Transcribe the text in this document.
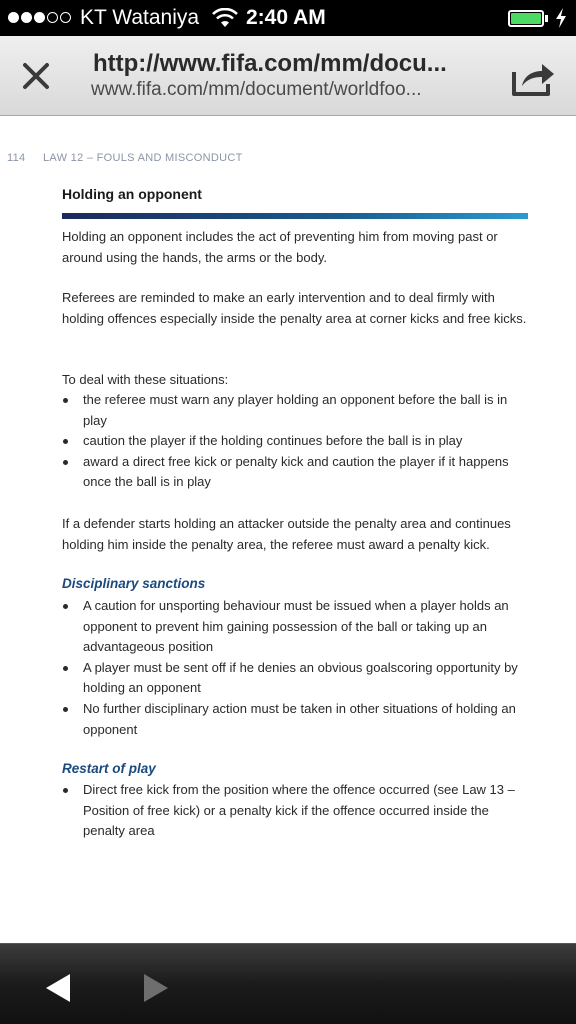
KT Wataniya 2:40 AM
http://www.fifa.com/mm/docu...
www.fifa.com/mm/document/worldfoo...
114 LAW 12 – FOULS AND MISCONDUCT
Holding an opponent

Holding an opponent includes the act of preventing him from moving past or around using the hands, the arms or the body.

Referees are reminded to make an early intervention and to deal firmly with holding offences especially inside the penalty area at corner kicks and free kicks.

To deal with these situations:

the referee must warn any player holding an opponent before the ball is in play
caution the player if the holding continues before the ball is in play
award a direct free kick or penalty kick and caution the player if it happens once the ball is in play

If a defender starts holding an attacker outside the penalty area and continues holding him inside the penalty area, the referee must award a penalty kick.

Disciplinary sanctions
A caution for unsporting behaviour must be issued when a player holds an opponent to prevent him gaining possession of the ball or taking up an advantageous position
A player must be sent off if he denies an obvious goalscoring opportunity by holding an opponent
No further disciplinary action must be taken in other situations of holding an opponent
Restart of play
Direct free kick from the position where the offence occurred (see Law 13 – Position of free kick) or a penalty kick if the offence occurred inside the penalty area
